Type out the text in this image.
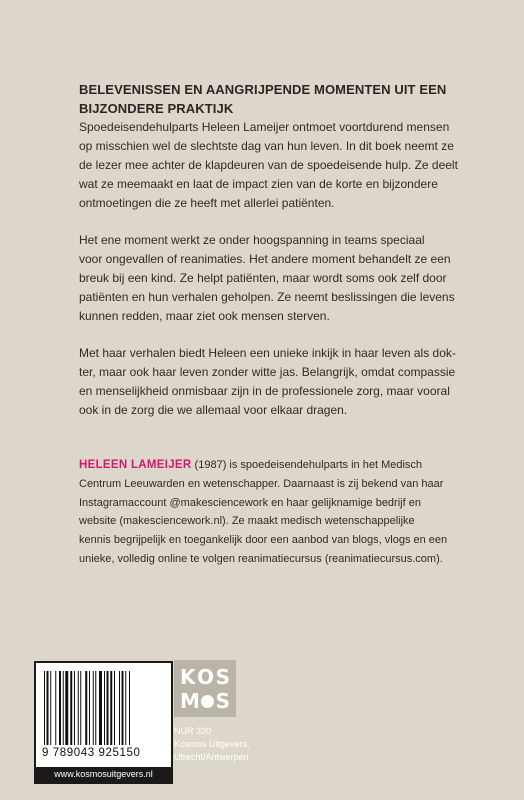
BELEVENISSEN EN AANGRIJPENDE MOMENTEN UIT EEN
BIJZONDERE PRAKTIJK

Spoedeisendehulparts Heleen Lameijer ontmoet voortdurend mensen
op misschien wel de slechtste dag van hun leven. In dit boek neemt ze
de lezer mee achter de klapdeuren van de spoedeisende hulp. Ze deelt
wat ze meemaakt en laat de impact zien van de korte en bijzondere
ontmoetingen die ze heeft met allerlei patiënten.

Het ene moment werkt ze onder hoogspanning in teams speciaal
voor ongevallen of reanimaties. Het andere moment behandelt ze een
breuk bij een kind. Ze helpt patiënten, maar wordt soms ook zelf door
patiënten en hun verhalen geholpen. Ze neemt beslissingen die levens
kunnen redden, maar ziet ook mensen sterven.

Met haar verhalen biedt Heleen een unieke inkijk in haar leven als dok-
ter, maar ook haar leven zonder witte jas. Belangrijk, omdat compassie
en menselijkheid onmisbaar zijn in de professionele zorg, maar vooral
ook in de zorg die we allemaal voor elkaar dragen.

HELEEN LAMEIJER (1987) is spoedeisendehulparts in het Medisch
Centrum Leeuwarden en wetenschapper. Daarnaast is zij bekend van haar
Instagramaccount @makesciencework en haar gelijknamige bedrijf en
website (makesciencework.nl). Ze maakt medisch wetenschappelijke
kennis begrijpelijk en toegankelijk door een aanbod van blogs, vlogs en een
unieke, volledig online te volgen reanimatiecursus (reanimatiecursus.com).
K O S
M S
9 789043 925150
www.kosmosuitgevers.nl
NUR 320
Kosmos Uitgevers,
Utrecht/Antwerpen
